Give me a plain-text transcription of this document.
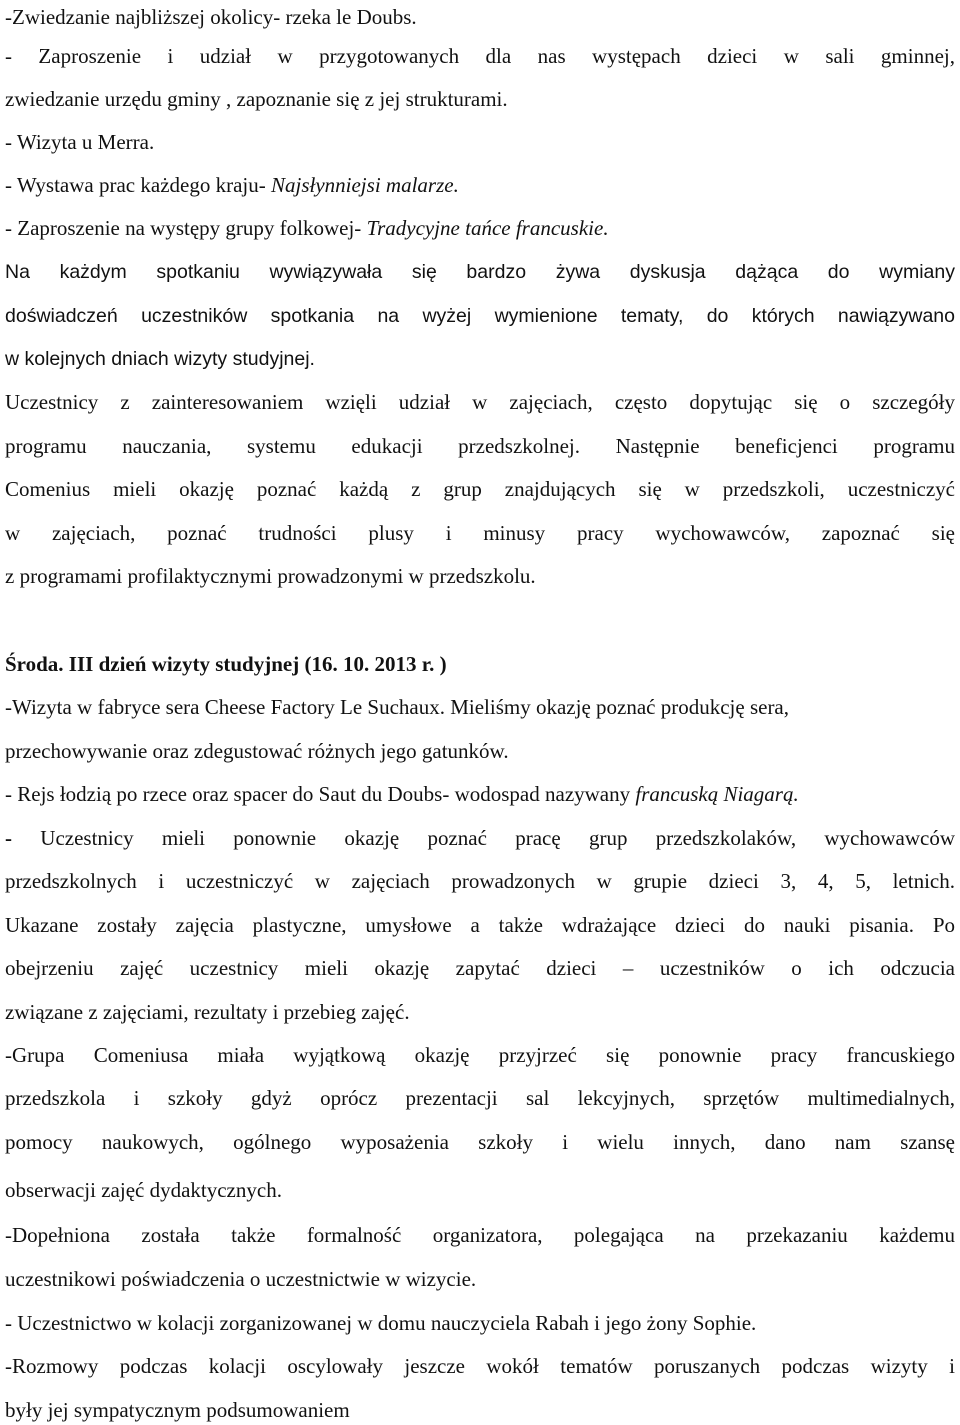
-Zwiedzanie najbliższej okolicy- rzeka le Doubs.
- Zaproszenie i udział w przygotowanych dla nas występach dzieci w sali gminnej,
zwiedzanie urzędu gminy , zapoznanie się z jej strukturami.
- Wizyta u Merra.
- Wystawa prac każdego kraju- Najsłynniejsi malarze.
- Zaproszenie na występy grupy folkowej- Tradycyjne tańce francuskie.
Na każdym spotkaniu wywiązywała się bardzo żywa dyskusja dążąca do wymiany
doświadczeń uczestników spotkania na wyżej wymienione tematy, do których nawiązywano
w kolejnych dniach wizyty studyjnej.
Uczestnicy z zainteresowaniem wzięli udział w zajęciach, często dopytując się o szczegóły
programu nauczania, systemu edukacji przedszkolnej. Następnie beneficjenci programu
Comenius mieli okazję poznać każdą z grup znajdujących się w przedszkoli, uczestniczyć
w zajęciach, poznać trudności plusy i minusy pracy wychowawców, zapoznać się
z programami profilaktycznymi prowadzonymi w przedszkolu.
Środa. III dzień wizyty studyjnej (16. 10. 2013 r. )
-Wizyta w fabryce sera Cheese Factory Le Suchaux. Mieliśmy okazję poznać produkcję sera,
przechowywanie oraz zdegustować różnych jego gatunków.
- Rejs łodzią po rzece oraz spacer do Saut du Doubs- wodospad nazywany francuską Niagarą.
- Uczestnicy mieli ponownie okazję poznać pracę grup przedszkolaków, wychowawców
przedszkolnych i uczestniczyć w zajęciach prowadzonych w grupie dzieci 3, 4, 5, letnich.
Ukazane zostały zajęcia plastyczne, umysłowe a także wdrażające dzieci do nauki pisania. Po
obejrzeniu zajęć uczestnicy mieli okazję zapytać dzieci – uczestników o ich odczucia
związane z zajęciami, rezultaty i przebieg zajęć.
-Grupa Comeniusa miała wyjątkową okazję przyjrzeć się ponownie pracy francuskiego
przedszkola i szkoły gdyż oprócz prezentacji sal lekcyjnych, sprzętów multimedialnych,
pomocy naukowych, ogólnego wyposażenia szkoły i wielu innych, dano nam szansę
obserwacji zajęć dydaktycznych.
-Dopełniona została także formalność organizatora, polegająca na przekazaniu każdemu
uczestnikowi poświadczenia o uczestnictwie w wizycie.
- Uczestnictwo w kolacji zorganizowanej w domu nauczyciela Rabah i jego żony Sophie.
-Rozmowy podczas kolacji oscylowały jeszcze wokół tematów poruszanych podczas wizyty i
były jej sympatycznym podsumowaniem
